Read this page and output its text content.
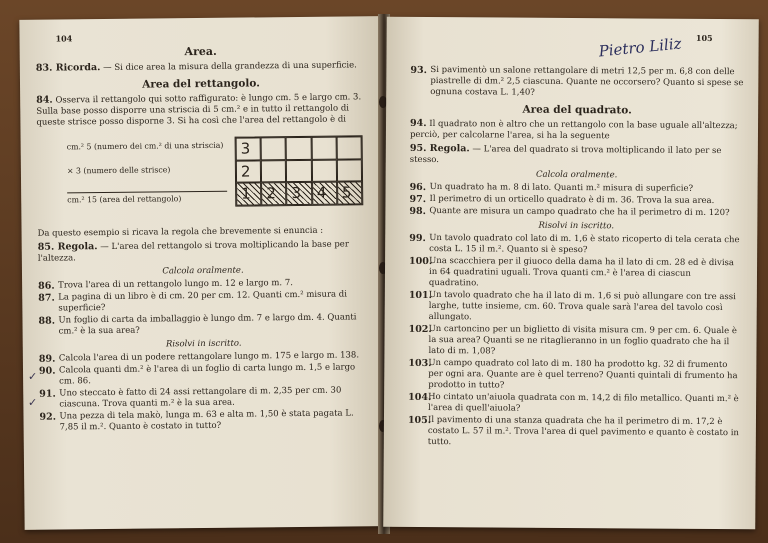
104
Area.

83. Ricorda. — Si dice area la misura della grandezza di una superficie.

Area del rettangolo.

84. Osserva il rettangolo qui sotto raffigurato: è lungo cm. 5 e largo cm. 3. Sulla base posso disporre una striscia di 5 cm.² e in tutto il rettangolo di queste strisce posso disporne 3. Si ha così che l'area del rettangolo è di

cm.² 5 (numero dei cm.² di una striscia)
× 3 (numero delle strisce)
cm.² 15 (area del rettangolo)
3
2
1	2	3	4	5

Da questo esempio si ricava la regola che brevemente si enuncia :

85. Regola. — L'area del rettangolo si trova moltiplicando la base per l'altezza.

Calcola oralmente.
86. Trova l'area di un rettangolo lungo m. 12 e largo m. 7.
87. La pagina di un libro è di cm. 20 per cm. 12. Quanti cm.² misura di superficie?
88. Un foglio di carta da imballaggio è lungo dm. 7 e largo dm. 4. Quanti cm.² è la sua area?
Risolvi in iscritto.
89. Calcola l'area di un podere rettangolare lungo m. 175 e largo m. 138.
90. Calcola quanti dm.² è l'area di un foglio di carta lungo m. 1,5 e largo cm. 86.
91. Uno steccato è fatto di 24 assi rettangolare di m. 2,35 per cm. 30 ciascuna. Trova quanti m.² è la sua area.
92. Una pezza di tela makò, lunga m. 63 e alta m. 1,50 è stata pagata L. 7,85 il m.². Quanto è costato in tutto?
105
Pietro Liliz
93. Si pavimentò un salone rettangolare di metri 12,5 per m. 6,8 con delle piastrelle di dm.² 2,5 ciascuna. Quante ne occorsero? Quanto si spese se ognuna costava L. 1,40?
Area del quadrato.

94. Il quadrato non è altro che un rettangolo con la base uguale all'altezza; perciò, per calcolarne l'area, si ha la seguente

95. Regola. — L'area del quadrato si trova moltiplicando il lato per se stesso.

Calcola oralmente.
96. Un quadrato ha m. 8 di lato. Quanti m.² misura di superficie?
97. Il perimetro di un orticello quadrato è di m. 36. Trova la sua area.
98. Quante are misura un campo quadrato che ha il perimetro di m. 120?
Risolvi in iscritto.
99. Un tavolo quadrato col lato di m. 1,6 è stato ricoperto di tela cerata che costa L. 15 il m.². Quanto si è speso?
100.
Una scacchiera per il giuoco della dama ha il lato di cm. 28 ed è divisa in 64 quadratini uguali. Trova quanti cm.² è l'area di ciascun quadratino.
101.
Un tavolo quadrato che ha il lato di m. 1,6 si può allungare con tre assi larghe, tutte insieme, cm. 60. Trova quale sarà l'area del tavolo così allungato.
102.
Un cartoncino per un biglietto di visita misura cm. 9 per cm. 6. Quale è la sua area? Quanti se ne ritaglieranno in un foglio quadrato che ha il lato di m. 1,08?
103.
Un campo quadrato col lato di m. 180 ha prodotto kg. 32 di frumento per ogni ara. Quante are è quel terreno? Quanti quintali di frumento ha prodotto in tutto?
104.
Ho cintato un'aiuola quadrata con m. 14,2 di filo metallico. Quanti m.² è l'area di quell'aiuola?
105.
Il pavimento di una stanza quadrata che ha il perimetro di m. 17,2 è costato L. 57 il m.². Trova l'area di quel pavimento e quanto è costato in tutto.
✓
✓
